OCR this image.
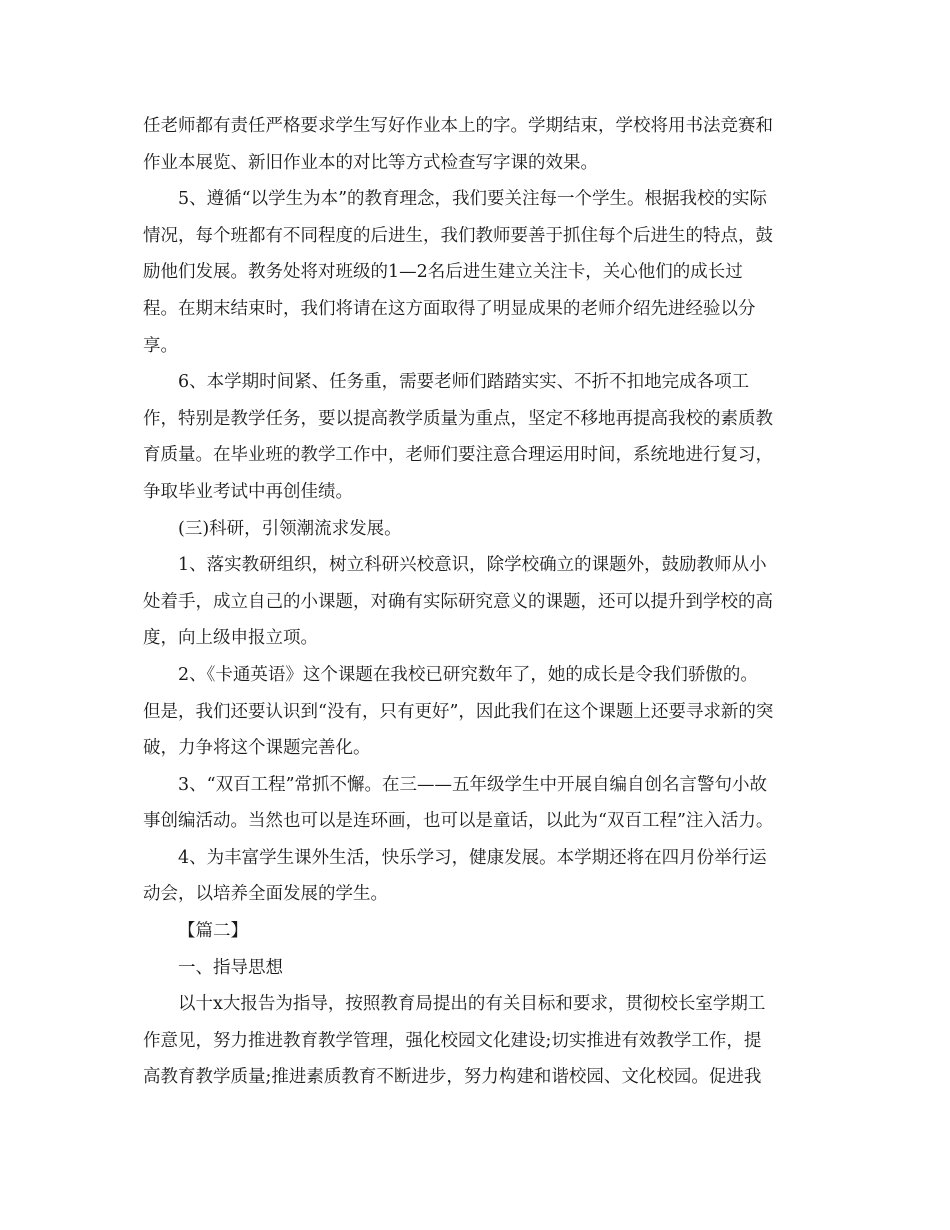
任老师都有责任严格要求学生写好作业本上的字。学期结束，学校将用书法竞赛和
作业本展览、新旧作业本的对比等方式检查写字课的效果。
5、遵循“以学生为本”的教育理念，我们要关注每一个学生。根据我校的实际
情况，每个班都有不同程度的后进生，我们教师要善于抓住每个后进生的特点，鼓
励他们发展。教务处将对班级的1—2名后进生建立关注卡，关心他们的成长过
程。在期末结束时，我们将请在这方面取得了明显成果的老师介绍先进经验以分
享。
6、本学期时间紧、任务重，需要老师们踏踏实实、不折不扣地完成各项工
作，特别是教学任务，要以提高教学质量为重点，坚定不移地再提高我校的素质教
育质量。在毕业班的教学工作中，老师们要注意合理运用时间，系统地进行复习，
争取毕业考试中再创佳绩。
(三)科研，引领潮流求发展。
1、落实教研组织，树立科研兴校意识，除学校确立的课题外，鼓励教师从小
处着手，成立自己的小课题，对确有实际研究意义的课题，还可以提升到学校的高
度，向上级申报立项。
2、《卡通英语》这个课题在我校已研究数年了，她的成长是令我们骄傲的。
但是，我们还要认识到“没有，只有更好”，因此我们在这个课题上还要寻求新的突
破，力争将这个课题完善化。
3、“双百工程”常抓不懈。在三——五年级学生中开展自编自创名言警句小故
事创编活动。当然也可以是连环画，也可以是童话，以此为“双百工程”注入活力。
4、为丰富学生课外生活，快乐学习，健康发展。本学期还将在四月份举行运
动会，以培养全面发展的学生。
【篇二】
一、指导思想
以十x大报告为指导，按照教育局提出的有关目标和要求，贯彻校长室学期工
作意见，努力推进教育教学管理，强化校园文化建设;切实推进有效教学工作，提
高教育教学质量;推进素质教育不断进步，努力构建和谐校园、文化校园。促进我
